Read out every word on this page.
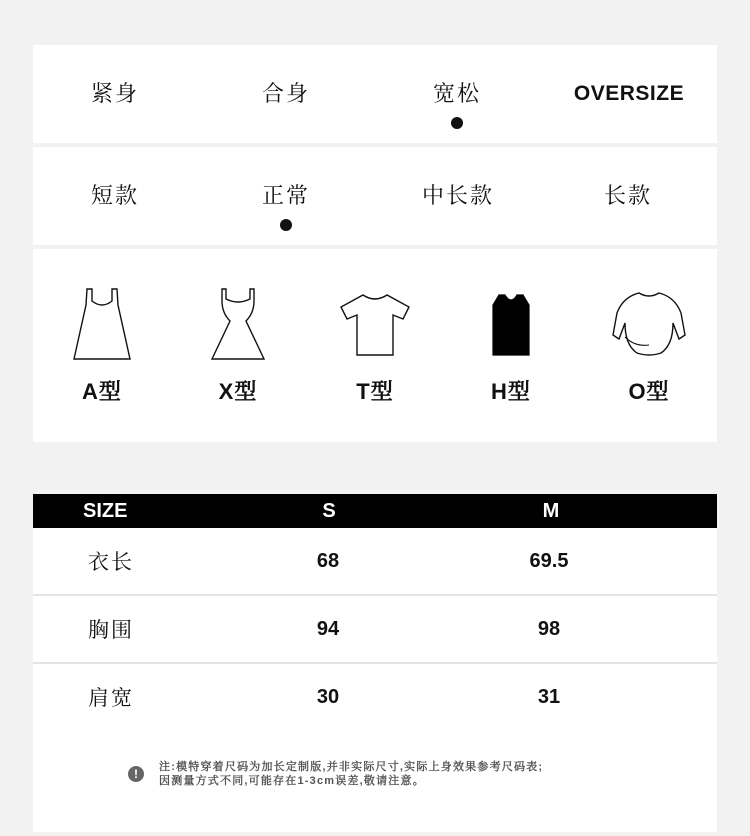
紧身	合身	宽松	OVERSIZE
短款	正常	中长款	长款
A型	X型	T型	H型	O型
SIZE	S	M
衣长	68	69.5
胸围	94	98
肩宽	30	31
!	注:模特穿着尺码为加长定制版,并非实际尺寸,实际上身效果参考尺码表;
因测量方式不同,可能存在1-3cm误差,敬请注意。
